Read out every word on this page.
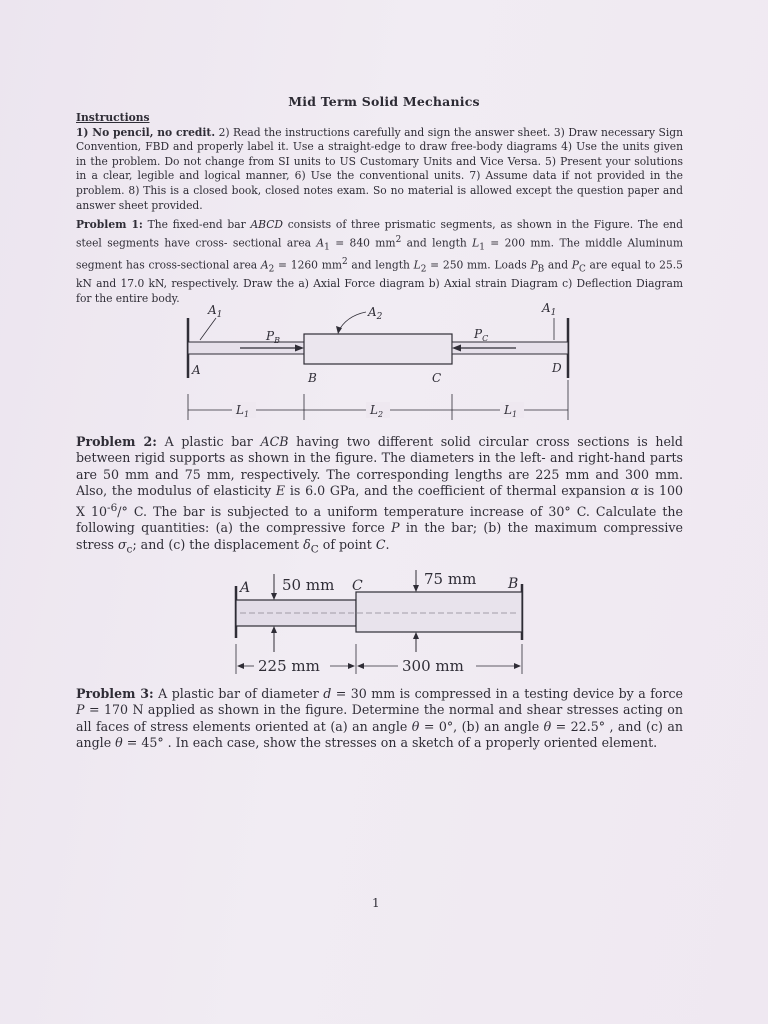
Mid Term Solid Mechanics
Instructions
1) No pencil, no credit. 2) Read the instructions carefully and sign the answer sheet. 3) Draw necessary Sign Convention, FBD and properly label it. Use a straight-edge to draw free-body diagrams 4) Use the units given in the problem. Do not change from SI units to US Customary Units and Vice Versa. 5) Present your solutions in a clear, legible and logical manner, 6) Use the conventional units. 7) Assume data if not provided in the problem. 8) This is a closed book, closed notes exam. So no material is allowed except the question paper and answer sheet provided.
Problem 1: The fixed-end bar ABCD consists of three prismatic segments, as shown in the Figure. The end steel segments have cross- sectional area $A_1 = 840$ $mm^2$ and length $L_1 = 200$ mm. The middle Aluminum segment has cross-sectional area $A_2 = 1260$ $mm^2$ and length $L_2 = 250$ mm. Loads $P_B$ and $P_C$ are equal to 25.5 kN and 17.0 kN, respectively. Draw the a) Axial Force diagram b) Axial strain Diagram c) Deflection Diagram for the entire body.
$A_1$	$A_2$
$A_1$
$P_B$	$P_C$
A
B	C
D
$L_1$	$L_2$	$L_1$
Problem 2: A plastic bar ACB having two different solid circular cross sections is held between rigid supports as shown in the figure. The diameters in the left- and right-hand parts are 50 mm and 75 mm, respectively. The corresponding lengths are 225 mm and 300 mm. Also, the modulus of elasticity E is 6.0 GPa, and the coefficient of thermal expansion α is 100 X $10^{-6}/^\circ$ C. The bar is subjected to a uniform temperature increase of 30° C. Calculate the following quantities: (a) the compressive force P in the bar; (b) the maximum compressive stress $\sigma_c$; and (c) the displacement $\delta_C$ of point C.
A 50 mm C	75 mm B
225 mm	300 mm
Problem 3: A plastic bar of diameter d = 30 mm is compressed in a testing device by a force P = 170 N applied as shown in the figure. Determine the normal and shear stresses acting on all faces of stress elements oriented at (a) an angle θ = 0°, (b) an angle θ = 22.5° , and (c) an angle θ = 45° . In each case, show the stresses on a sketch of a properly oriented element.
1
